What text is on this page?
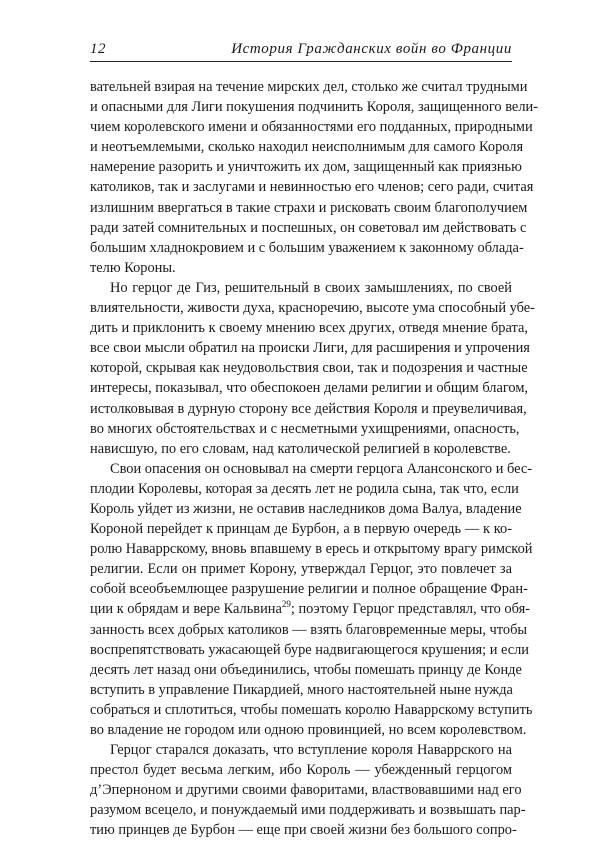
12	История Гражданских войн во Франции
вательней взирая на течение мирских дел, столько же считал трудными
и опасными для Лиги покушения подчинить Короля, защищенного вели-
чием королевского имени и обязанностями его подданных, природными
и неотъемлемыми, сколько находил неисполнимым для самого Короля
намерение разорить и уничтожить их дом, защищенный как приязнью
католиков, так и заслугами и невинностью его членов; сего ради, считая
излишним ввергаться в такие страхи и рисковать своим благополучием
ради затей сомнительных и поспешных, он советовал им действовать с
большим хладнокровием и с большим уважением к законному облада-
телю Короны.
Но герцог де Гиз, решительный в своих замышлениях, по своей
влиятельности, живости духа, красноречию, высоте ума способный убе-
дить и приклонить к своему мнению всех других, отведя мнение брата,
все свои мысли обратил на происки Лиги, для расширения и упрочения
которой, скрывая как неудовольствия свои, так и подозрения и частные
интересы, показывал, что обеспокоен делами религии и общим благом,
истолковывая в дурную сторону все действия Короля и преувеличивая,
во многих обстоятельствах и с несметными ухищрениями, опасность,
нависшую, по его словам, над католической религией в королевстве.
Свои опасения он основывал на смерти герцога Алансонского и бес-
плодии Королевы, которая за десять лет не родила сына, так что, если
Король уйдет из жизни, не оставив наследников дома Валуа, владение
Короной перейдет к принцам де Бурбон, а в первую очередь — к ко-
ролю Наваррскому, вновь впавшему в ересь и открытому врагу римской
религии. Если он примет Корону, утверждал Герцог, это повлечет за
собой всеобъемлющее разрушение религии и полное обращение Фран-
ции к обрядам и вере Кальвина$^{29}$; поэтому Герцог представлял, что обя-
занность всех добрых католиков — взять благовременные меры, чтобы
воспрепятствовать ужасающей буре надвигающегося крушения; и если
десять лет назад они объединились, чтобы помешать принцу де Конде
вступить в управление Пикардией, много настоятельней ныне нужда
собраться и сплотиться, чтобы помешать королю Наваррскому вступить
во владение не городом или одною провинцией, но всем королевством.
Герцог старался доказать, что вступление короля Наваррского на
престол будет весьма легким, ибо Король — убежденный герцогом
д’Эперноном и другими своими фаворитами, властвовавшими над его
разумом всецело, и понуждаемый ими поддерживать и возвышать пар-
тию принцев де Бурбон — еще при своей жизни без большого сопро-
